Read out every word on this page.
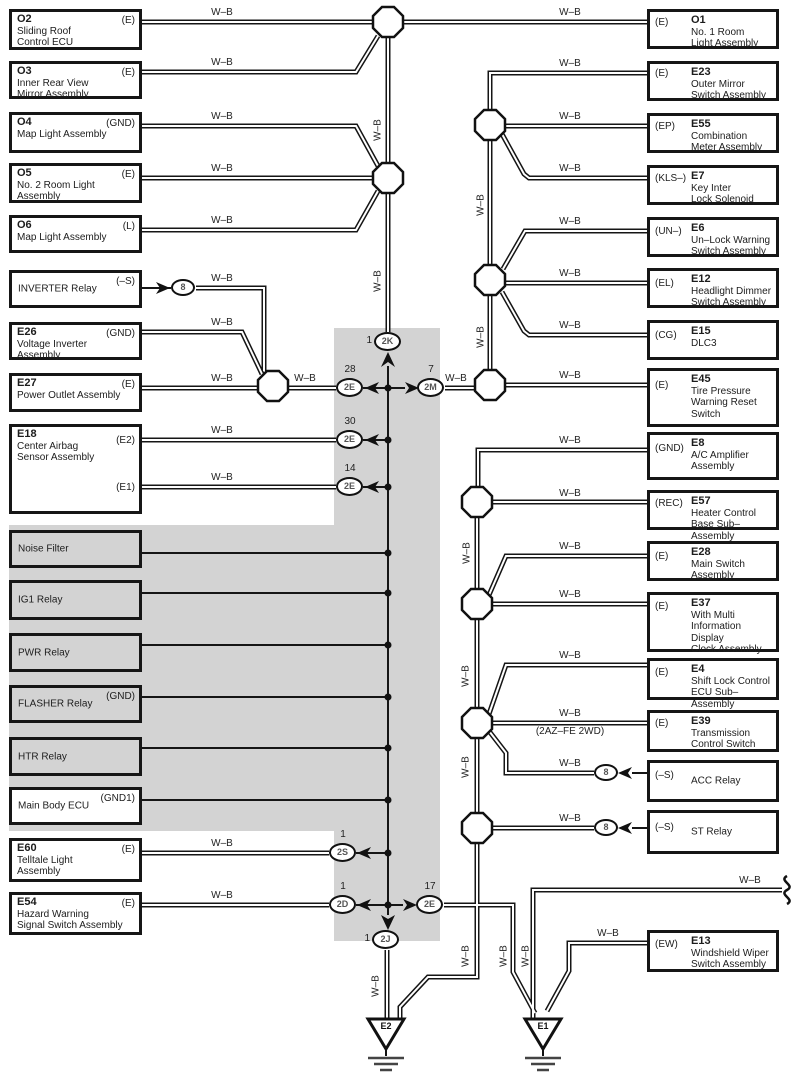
(E)
O2
Sliding Roof
Control ECU
(E)
O3
Inner Rear View
Mirror Assembly
(GND)
O4
Map Light Assembly
(E)
O5
No. 2 Room Light
Assembly
(L)
O6
Map Light Assembly
(–S)
INVERTER Relay
(GND)
E26
Voltage Inverter
Assembly
(E)
E27
Power Outlet Assembly
(E2)
(E1)
E18
Center Airbag
Sensor Assembly
Noise Filter
IG1 Relay
PWR Relay
(GND)
FLASHER Relay
HTR Relay
(GND1)
Main Body ECU
(E)
E60
Telltale Light
Assembly
(E)
E54
Hazard Warning
Signal Switch Assembly
(E) O1
No. 1 Room
Light Assembly
(E) E23
Outer Mirror
Switch Assembly
(EP) E55
Combination
Meter Assembly
(KLS–) E7
Key Inter
Lock Solenoid
(UN–) E6
Un–Lock Warning
Switch Assembly
(EL) E12
Headlight Dimmer
Switch Assembly
(CG) E15
DLC3
(E)
E45
Tire Pressure
Warning Reset
Switch
(GND) E8
A/C Amplifier
Assembly
(REC) E57
Heater Control
Base Sub–Assembly
(E) E28
Main Switch
Assembly
(E) E37
With Multi
Information Display
Clock Assembly
(E) E4
Shift Lock Control
ECU Sub–Assembly
(E) E39
Transmission
Control Switch
(–S) ACC Relay
(–S) ST Relay
(EW) E13
Windshield Wiper
Switch Assembly
2K
1
2E
28
2M
7
2E
30
2E
14
2S
1
2D
1
2E
17
2J
1
8
8
8
W–B	W–B
W–B
W–B
W–B
W–B
W–B
W–B
W–B	W–B	W–B
W–B
W–B
W–B
W–B
W–B
W–B
W–B
W–B
W–B
W–B
W–B
W–B
W–B
W–B
W–B
W–B
W–B
(2AZ–FE 2WD)
W–B
W–B
W–B
W–B
W–B
W–B
W–B
W–B
W–B
W–B
W–B
W–B
W–B
W–B W–B
E2	E1
